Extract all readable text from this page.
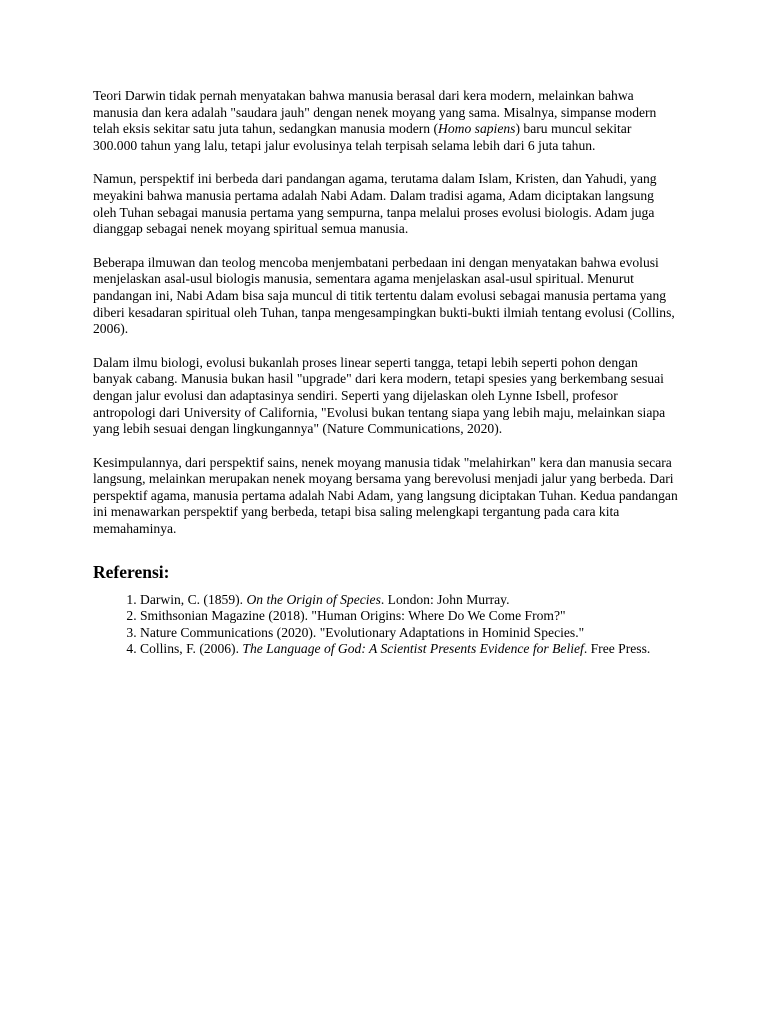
Teori Darwin tidak pernah menyatakan bahwa manusia berasal dari kera modern, melainkan bahwa manusia dan kera adalah "saudara jauh" dengan nenek moyang yang sama. Misalnya, simpanse modern telah eksis sekitar satu juta tahun, sedangkan manusia modern (Homo sapiens) baru muncul sekitar 300.000 tahun yang lalu, tetapi jalur evolusinya telah terpisah selama lebih dari 6 juta tahun.

Namun, perspektif ini berbeda dari pandangan agama, terutama dalam Islam, Kristen, dan Yahudi, yang meyakini bahwa manusia pertama adalah Nabi Adam. Dalam tradisi agama, Adam diciptakan langsung oleh Tuhan sebagai manusia pertama yang sempurna, tanpa melalui proses evolusi biologis. Adam juga dianggap sebagai nenek moyang spiritual semua manusia.

Beberapa ilmuwan dan teolog mencoba menjembatani perbedaan ini dengan menyatakan bahwa evolusi menjelaskan asal-usul biologis manusia, sementara agama menjelaskan asal-usul spiritual. Menurut pandangan ini, Nabi Adam bisa saja muncul di titik tertentu dalam evolusi sebagai manusia pertama yang diberi kesadaran spiritual oleh Tuhan, tanpa mengesampingkan bukti-bukti ilmiah tentang evolusi (Collins, 2006).

Dalam ilmu biologi, evolusi bukanlah proses linear seperti tangga, tetapi lebih seperti pohon dengan banyak cabang. Manusia bukan hasil "upgrade" dari kera modern, tetapi spesies yang berkembang sesuai dengan jalur evolusi dan adaptasinya sendiri. Seperti yang dijelaskan oleh Lynne Isbell, profesor antropologi dari University of California, "Evolusi bukan tentang siapa yang lebih maju, melainkan siapa yang lebih sesuai dengan lingkungannya" (Nature Communications, 2020).

Kesimpulannya, dari perspektif sains, nenek moyang manusia tidak "melahirkan" kera dan manusia secara langsung, melainkan merupakan nenek moyang bersama yang berevolusi menjadi jalur yang berbeda. Dari perspektif agama, manusia pertama adalah Nabi Adam, yang langsung diciptakan Tuhan. Kedua pandangan ini menawarkan perspektif yang berbeda, tetapi bisa saling melengkapi tergantung pada cara kita memahaminya.

Referensi:
1. Darwin, C. (1859). On the Origin of Species. London: John Murray.
2. Smithsonian Magazine (2018). "Human Origins: Where Do We Come From?"
3. Nature Communications (2020). "Evolutionary Adaptations in Hominid Species."
4. Collins, F. (2006). The Language of God: A Scientist Presents Evidence for Belief. Free Press.
